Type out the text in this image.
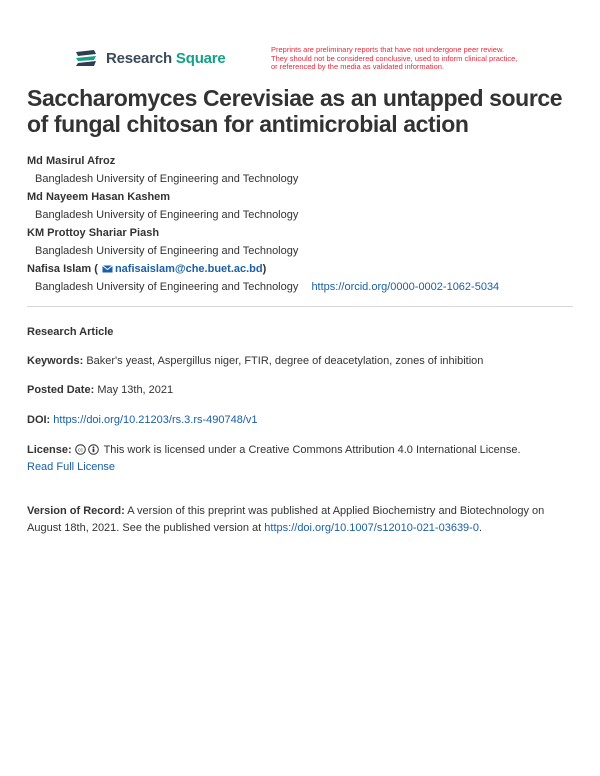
Research Square	Preprints are preliminary reports that have not undergone peer review.
They should not be considered conclusive, used to inform clinical practice,
or referenced by the media as validated information.
Saccharomyces Cerevisiae as an untapped source
of fungal chitosan for antimicrobial action
Md Masirul Afroz
Bangladesh University of Engineering and Technology
Md Nayeem Hasan Kashem
Bangladesh University of Engineering and Technology
KM Prottoy Shariar Piash
Bangladesh University of Engineering and Technology
Nafisa Islam ( nafisaislam@che.buet.ac.bd)
Bangladesh University of Engineering and Technology https://orcid.org/0000-0002-1062-5034
Research Article
Keywords: Baker's yeast, Aspergillus niger, FTIR, degree of deacetylation, zones of inhibition
Posted Date: May 13th, 2021
DOI: https://doi.org/10.21203/rs.3.rs-490748/v1
License: cc This work is licensed under a Creative Commons Attribution 4.0 International License.
Read Full License
Version of Record: A version of this preprint was published at Applied Biochemistry and Biotechnology on
August 18th, 2021. See the published version at https://doi.org/10.1007/s12010-021-03639-0.
